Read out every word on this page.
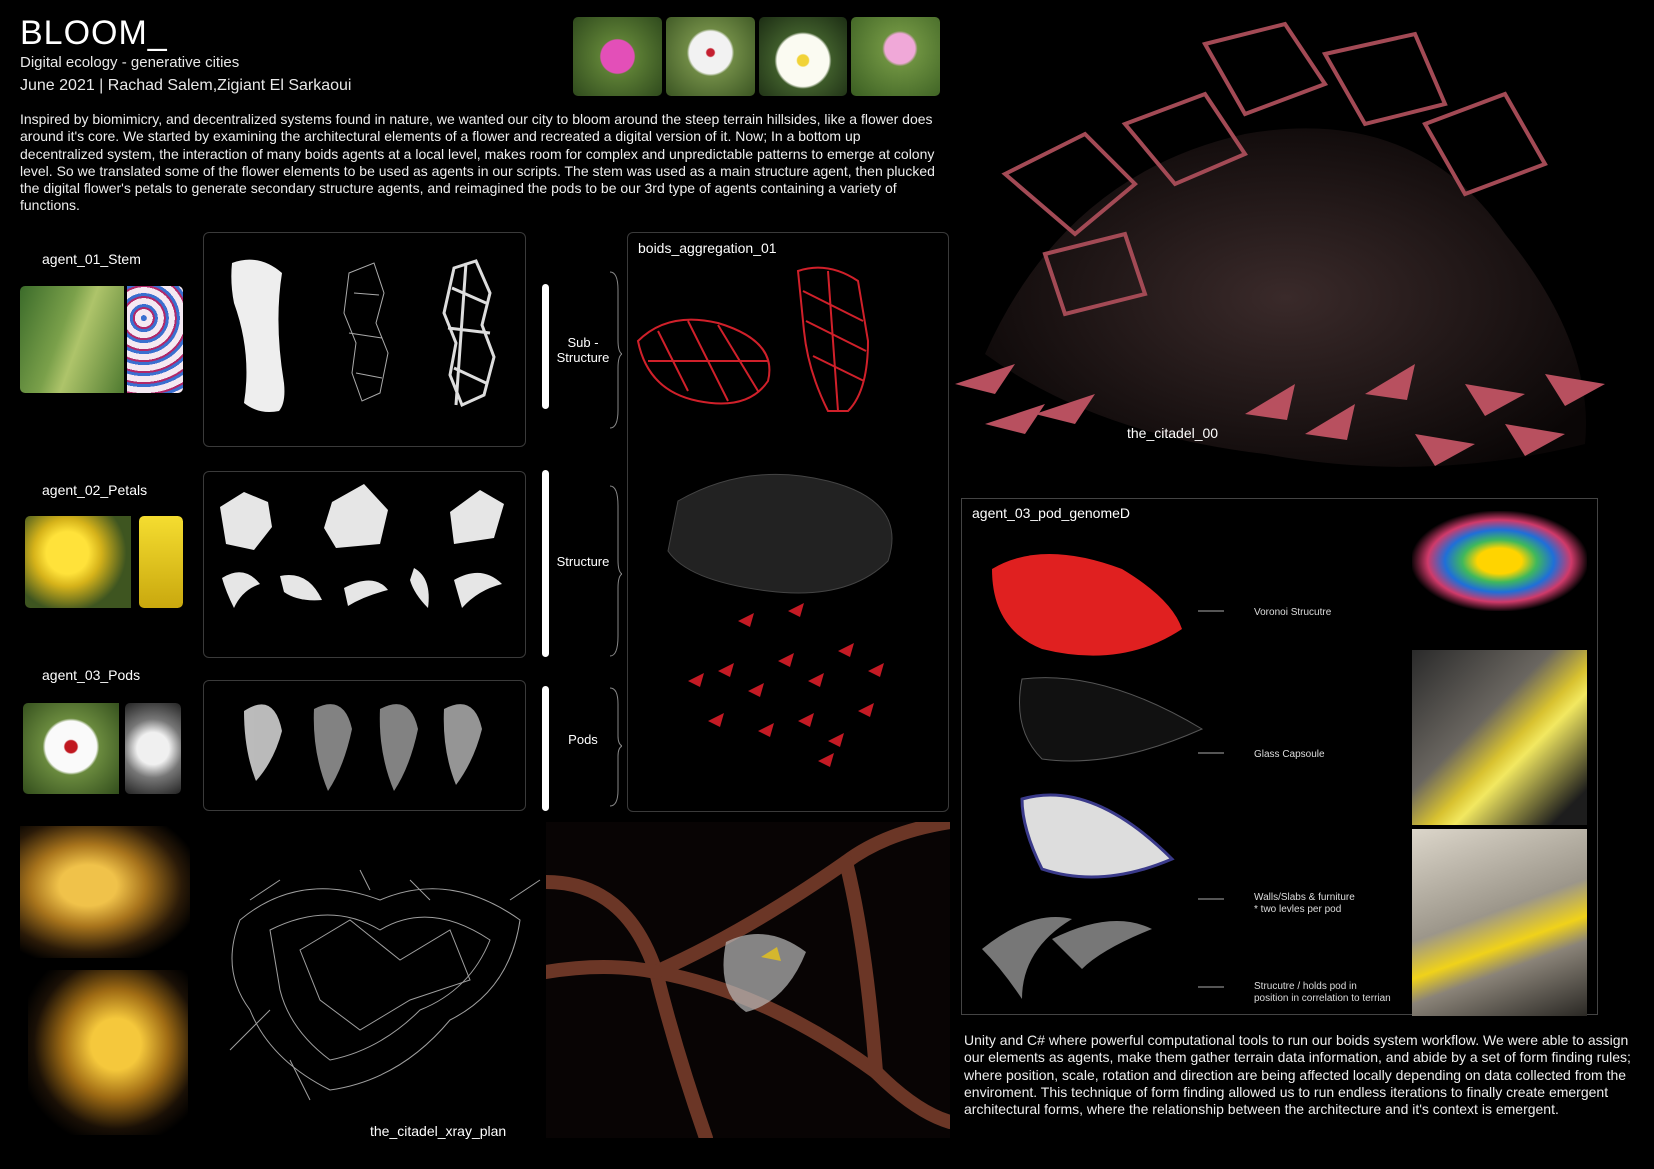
BLOOM_
Digital ecology - generative cities
June 2021 | Rachad Salem,Zigiant El Sarkaoui
Inspired by biomimicry, and decentralized systems found in nature, we wanted our city to bloom around the steep terrain hillsides, like a flower does around it's core. We started by examining the architectural elements of a flower and recreated a digital version of it. Now; In a bottom up decentralized system, the interaction of many boids agents at a local level, makes room for complex and unpredictable patterns to emerge at colony level. So we translated some of the flower elements to be used as agents in our scripts. The stem was used as a main structure agent, then plucked the digital flower's petals to generate secondary structure agents, and reimagined the pods to be our 3rd type of agents containing a variety of functions.
agent_01_Stem
agent_02_Petals
agent_03_Pods
Sub -
Structure
Structure
Pods
boids_aggregation_01
the_citadel_00
agent_03_pod_genomeD
Voronoi Strucutre
Glass Capsoule
Walls/Slabs & furniture
* two levles per pod
Strucutre / holds pod in
position in correlation to terrian
Unity and C# where powerful computational tools to run our boids system workflow. We were able to assign our elements as agents, make them gather terrain data information, and abide by a set of form finding rules; where position, scale, rotation and direction are being affected locally depending on data collected from the enviroment. This technique of form finding allowed us to run endless iterations to finally create emergent architectural forms, where the relationship between the architecture and it's context is emergent.
the_citadel_xray_plan
